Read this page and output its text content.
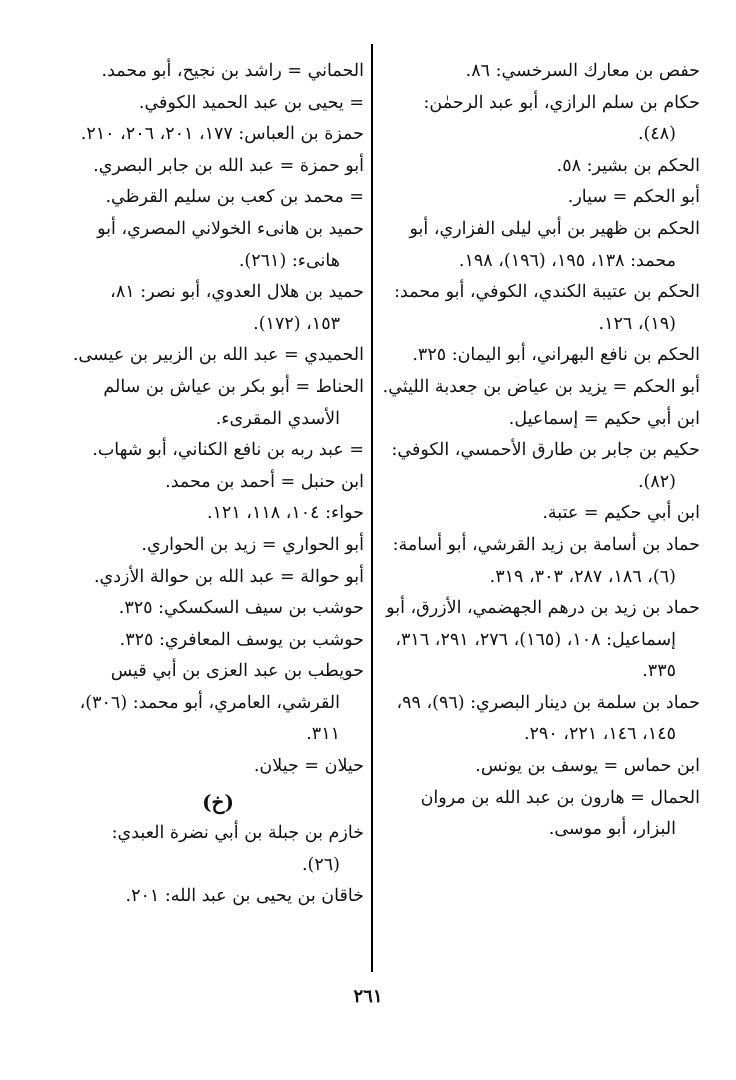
حفص بن معارك السرخسي: ٨٦.

حكام بن سلم الرازي، أبو عبد الرحمٰن: (٤٨).

الحكم بن بشير: ٥٨.

أبو الحكم = سيار.

الحكم بن ظهير بن أبي ليلى الفزاري، أبو محمد: ١٣٨، ١٩٥، (١٩٦)، ١٩٨.

الحكم بن عتيبة الكندي، الكوفي، أبو محمد: (١٩)، ١٢٦.

الحكم بن نافع البهراني، أبو اليمان: ٣٢٥.

أبو الحكم = يزيد بن عياض بن جعدبة الليثي.

ابن أبي حكيم = إسماعيل.

حكيم بن جابر بن طارق الأحمسي، الكوفي: (٨٢).

ابن أبي حكيم = عتبة.

حماد بن أسامة بن زيد القرشي، أبو أسامة: (٦)، ١٨٦، ٢٨٧، ٣٠٣، ٣١٩.

حماد بن زيد بن درهم الجهضمي، الأزرق، أبو إسماعيل: ١٠٨، (١٦٥)، ٢٧٦، ٢٩١، ٣١٦، ٣٣٥.

حماد بن سلمة بن دينار البصري: (٩٦)، ٩٩، ١٤٥، ١٤٦، ٢٢١، ٢٩٠.

ابن حماس = يوسف بن يونس.

الحمال = هارون بن عبد الله بن مروان البزار، أبو موسى.

الحماني = راشد بن نجيح، أبو محمد.

= يحيى بن عبد الحميد الكوفي.

حمزة بن العباس: ١٧٧، ٢٠١، ٢٠٦، ٢١٠.

أبو حمزة = عبد الله بن جابر البصري.

= محمد بن كعب بن سليم القرظي.

حميد بن هانىء الخولاني المصري، أبو هانىء: (٢٦١).

حميد بن هلال العدوي، أبو نصر: ٨١، ١٥٣، (١٧٢).

الحميدي = عبد الله بن الزبير بن عيسى.

الحناط = أبو بكر بن عياش بن سالم الأسدي المقرىء.

= عبد ربه بن نافع الكناني، أبو شهاب.

ابن حنبل = أحمد بن محمد.

حواء: ١٠٤، ١١٨، ١٢١.

أبو الحواري = زيد بن الحواري.

أبو حوالة = عبد الله بن حوالة الأزدي.

حوشب بن سيف السكسكي: ٣٢٥.

حوشب بن يوسف المعافري: ٣٢٥.

حويطب بن عبد العزى بن أبي قيس القرشي، العامري، أبو محمد: (٣٠٦)، ٣١١.

حيلان = جيلان.

(خ)

خازم بن جبلة بن أبي نضرة العبدي: (٢٦).

خاقان بن يحيى بن عبد الله: ٢٠١.

٢٦١
